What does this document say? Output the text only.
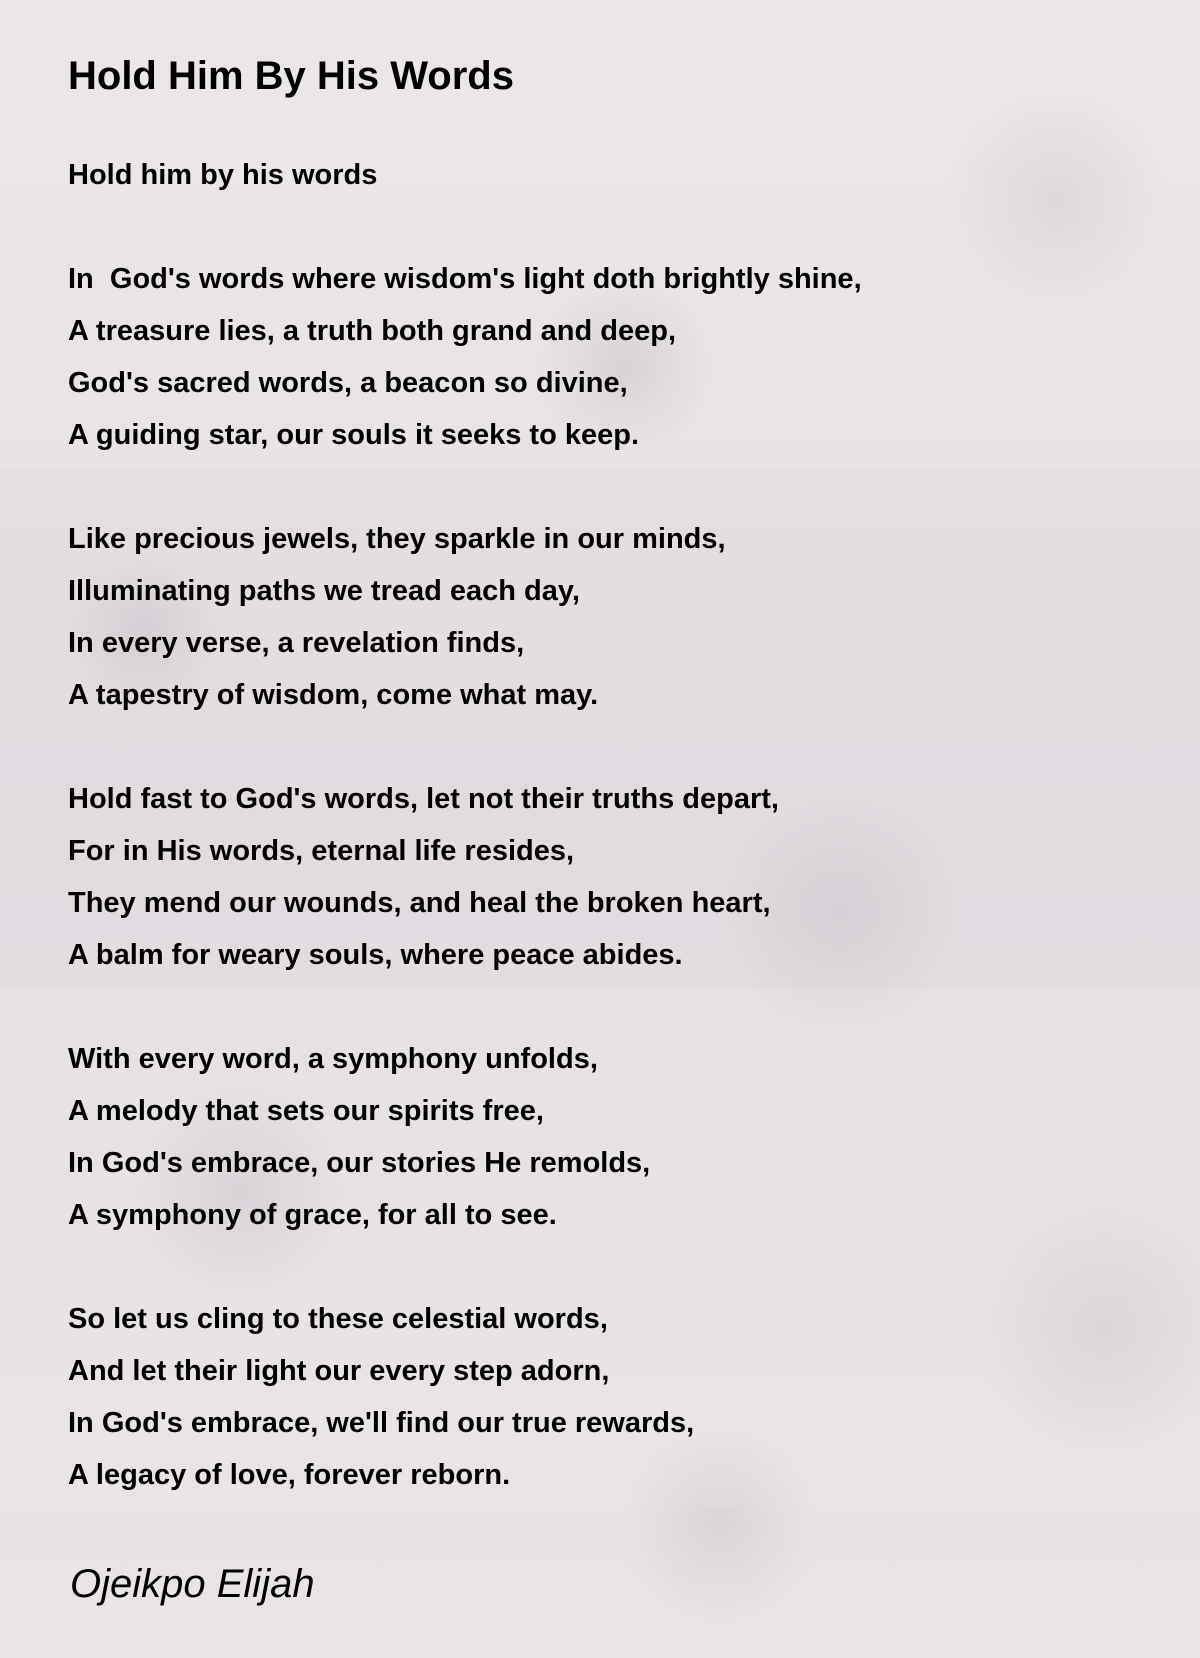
Hold Him By His Words

Hold him by his words

In  God's words where wisdom's light doth brightly shine,

A treasure lies, a truth both grand and deep,

God's sacred words, a beacon so divine,

A guiding star, our souls it seeks to keep.

Like precious jewels, they sparkle in our minds,

Illuminating paths we tread each day,

In every verse, a revelation finds,

A tapestry of wisdom, come what may.

Hold fast to God's words, let not their truths depart,

For in His words, eternal life resides,

They mend our wounds, and heal the broken heart,

A balm for weary souls, where peace abides.

With every word, a symphony unfolds,

A melody that sets our spirits free,

In God's embrace, our stories He remolds,

A symphony of grace, for all to see.

So let us cling to these celestial words,

And let their light our every step adorn,

In God's embrace, we'll find our true rewards,

A legacy of love, forever reborn.

Ojeikpo Elijah
